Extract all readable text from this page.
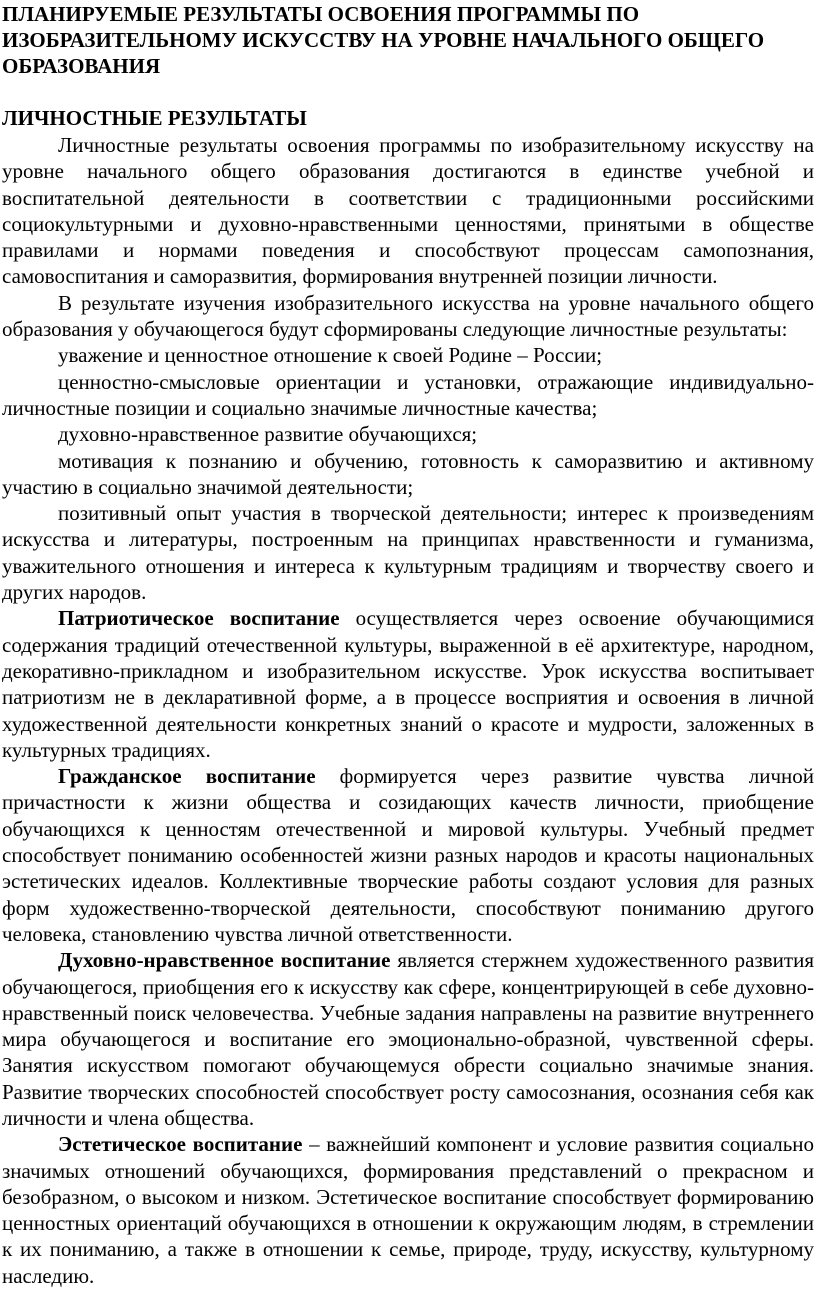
ПЛАНИРУЕМЫЕ РЕЗУЛЬТАТЫ ОСВОЕНИЯ ПРОГРАММЫ ПО ИЗОБРАЗИТЕЛЬНОМУ ИСКУССТВУ НА УРОВНЕ НАЧАЛЬНОГО ОБЩЕГО ОБРАЗОВАНИЯ
ЛИЧНОСТНЫЕ РЕЗУЛЬТАТЫ

Личностные результаты освоения программы по изобразительному искусству на уровне начального общего образования достигаются в единстве учебной и воспитательной деятельности в соответствии с традиционными российскими социокультурными и духовно-нравственными ценностями, принятыми в обществе правилами и нормами поведения и способствуют процессам самопознания, самовоспитания и саморазвития, формирования внутренней позиции личности.

В результате изучения изобразительного искусства на уровне начального общего образования у обучающегося будут сформированы следующие личностные результаты:

уважение и ценностное отношение к своей Родине – России;

ценностно-смысловые ориентации и установки, отражающие индивидуально-личностные позиции и социально значимые личностные качества;

духовно-нравственное развитие обучающихся;

мотивация к познанию и обучению, готовность к саморазвитию и активному участию в социально значимой деятельности;

позитивный опыт участия в творческой деятельности; интерес к произведениям искусства и литературы, построенным на принципах нравственности и гуманизма, уважительного отношения и интереса к культурным традициям и творчеству своего и других народов.

Патриотическое воспитание осуществляется через освоение обучающимися содержания традиций отечественной культуры, выраженной в её архитектуре, народном, декоративно-прикладном и изобразительном искусстве. Урок искусства воспитывает патриотизм не в декларативной форме, а в процессе восприятия и освоения в личной художественной деятельности конкретных знаний о красоте и мудрости, заложенных в культурных традициях.

Гражданское воспитание формируется через развитие чувства личной причастности к жизни общества и созидающих качеств личности, приобщение обучающихся к ценностям отечественной и мировой культуры. Учебный предмет способствует пониманию особенностей жизни разных народов и красоты национальных эстетических идеалов. Коллективные творческие работы создают условия для разных форм художественно-творческой деятельности, способствуют пониманию другого человека, становлению чувства личной ответственности.

Духовно-нравственное воспитание является стержнем художественного развития обучающегося, приобщения его к искусству как сфере, концентрирующей в себе духовно-нравственный поиск человечества. Учебные задания направлены на развитие внутреннего мира обучающегося и воспитание его эмоционально-образной, чувственной сферы. Занятия искусством помогают обучающемуся обрести социально значимые знания. Развитие творческих способностей способствует росту самосознания, осознания себя как личности и члена общества.

Эстетическое воспитание – важнейший компонент и условие развития социально значимых отношений обучающихся, формирования представлений о прекрасном и безобразном, о высоком и низком. Эстетическое воспитание способствует формированию ценностных ориентаций обучающихся в отношении к окружающим людям, в стремлении к их пониманию, а также в отношении к семье, природе, труду, искусству, культурному наследию.
